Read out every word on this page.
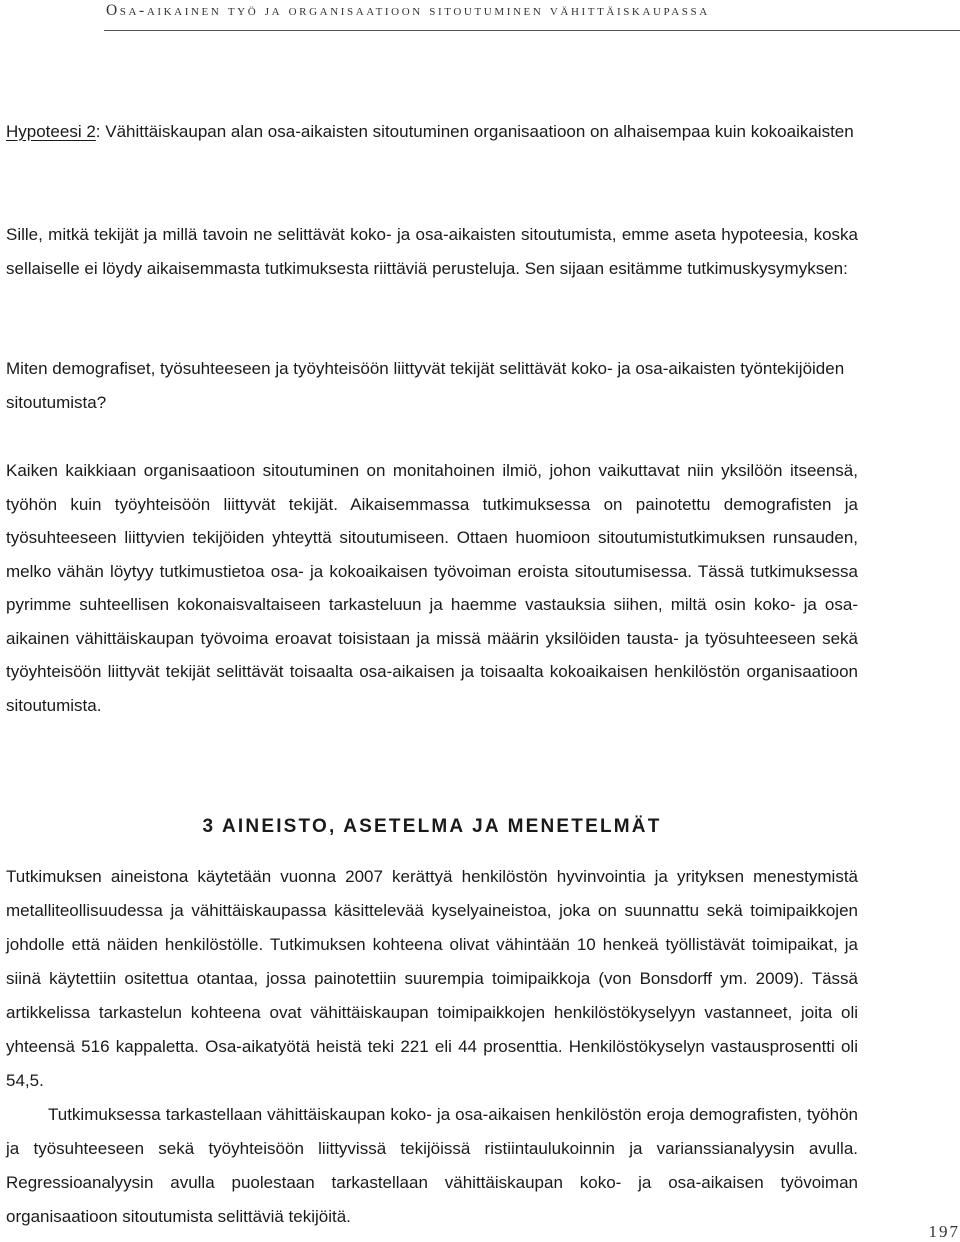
Osa-aikainen työ ja organisaatioon sitoutuminen vähittäiskaupassa

Hypoteesi 2: Vähittäiskaupan alan osa-aikaisten sitoutuminen organisaatioon on alhaisempaa kuin kokoaikaisten

Sille, mitkä tekijät ja millä tavoin ne selittävät koko- ja osa-aikaisten sitoutumista, emme aseta hypoteesia, koska sellaiselle ei löydy aikaisemmasta tutkimuksesta riittäviä perusteluja. Sen sijaan esitämme tutkimuskysymyksen:

Miten demografiset, työsuhteeseen ja työyhteisöön liittyvät tekijät selittävät koko- ja osa-aikaisten työntekijöiden sitoutumista?

Kaiken kaikkiaan organisaatioon sitoutuminen on monitahoinen ilmiö, johon vaikuttavat niin yksilöön itseensä, työhön kuin työyhteisöön liittyvät tekijät. Aikaisemmassa tutkimuksessa on painotettu demografisten ja työsuhteeseen liittyvien tekijöiden yhteyttä sitoutumiseen. Ottaen huomioon sitoutumistutkimuksen runsauden, melko vähän löytyy tutkimustietoa osa- ja kokoaikaisen työvoiman eroista sitoutumisessa. Tässä tutkimuksessa pyrimme suhteellisen kokonaisvaltaiseen tarkasteluun ja haemme vastauksia siihen, miltä osin koko- ja osa-aikainen vähittäiskaupan työvoima eroavat toisistaan ja missä määrin yksilöiden tausta- ja työsuhteeseen sekä työyhteisöön liittyvät tekijät selittävät toisaalta osa-aikaisen ja toisaalta kokoaikaisen henkilöstön organisaatioon sitoutumista.

3 AINEISTO, ASETELMA JA MENETELMÄT

Tutkimuksen aineistona käytetään vuonna 2007 kerättyä henkilöstön hyvinvointia ja yrityksen menestymistä metalliteollisuudessa ja vähittäiskaupassa käsittelevää kyselyaineistoa, joka on suunnattu sekä toimipaikkojen johdolle että näiden henkilöstölle. Tutkimuksen kohteena olivat vähintään 10 henkeä työllistävät toimipaikat, ja siinä käytettiin ositettua otantaa, jossa painotettiin suurempia toimipaikkoja (von Bonsdorff ym. 2009). Tässä artikkelissa tarkastelun kohteena ovat vähittäiskaupan toimipaikkojen henkilöstökyselyyn vastanneet, joita oli yhteensä 516 kappaletta. Osa-aikatyötä heistä teki 221 eli 44 prosenttia. Henkilöstökyselyn vastausprosentti oli 54,5.

Tutkimuksessa tarkastellaan vähittäiskaupan koko- ja osa-aikaisen henkilöstön eroja demografisten, työhön ja työsuhteeseen sekä työyhteisöön liittyvissä tekijöissä ristiintaulukoinnin ja varianssianalyysin avulla. Regressioanalyysin avulla puolestaan tarkastellaan vähittäiskaupan koko- ja osa-aikaisen työvoiman organisaatioon sitoutumista selittäviä tekijöitä.

197
